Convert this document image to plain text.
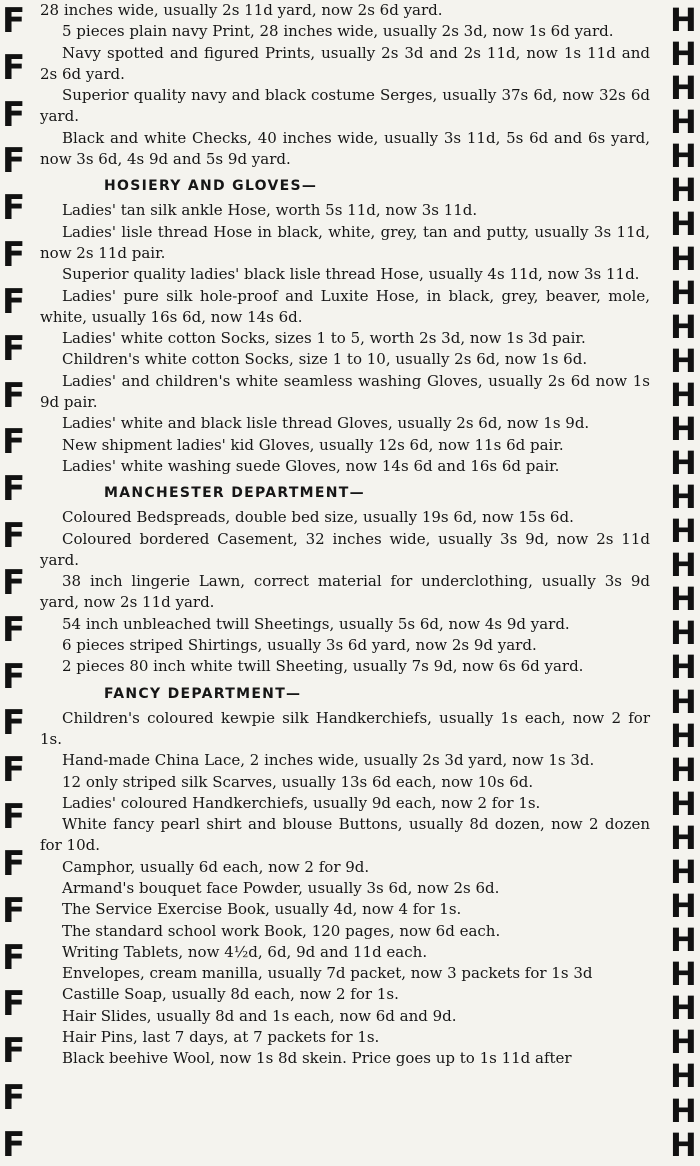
F
F
F
F
F
F
F
F
F
F
F
F
F
F
F
F
F
F
F
F
F
F
F
F
F
H
H
H
H
H
H
H
H
H
H
H
H
H
H
H
H
H
H
H
H
H
H
H
H
H
H
H
H
H
H
H
H
H
H

28 inches wide, usually 2s 11d yard, now 2s 6d yard.

5 pieces plain navy Print, 28 inches wide, usually 2s 3d, now 1s 6d yard.

Navy spotted and figured Prints, usually 2s 3d and 2s 11d, now 1s 11d and 2s 6d yard.

Superior quality navy and black costume Serges, usually 37s 6d, now 32s 6d yard.

Black and white Checks, 40 inches wide, usually 3s 11d, 5s 6d and 6s yard, now 3s 6d, 4s 9d and 5s 9d yard.

HOSIERY AND GLOVES—

Ladies' tan silk ankle Hose, worth 5s 11d, now 3s 11d.

Ladies' lisle thread Hose in black, white, grey, tan and putty, usually 3s 11d, now 2s 11d pair.

Superior quality ladies' black lisle thread Hose, usually 4s 11d, now 3s 11d.

Ladies' pure silk hole-proof and Luxite Hose, in black, grey, beaver, mole, white, usually 16s 6d, now 14s 6d.

Ladies' white cotton Socks, sizes 1 to 5, worth 2s 3d, now 1s 3d pair.

Children's white cotton Socks, size 1 to 10, usually 2s 6d, now 1s 6d.

Ladies' and children's white seamless washing Gloves, usually 2s 6d now 1s 9d pair.

Ladies' white and black lisle thread Gloves, usually 2s 6d, now 1s 9d.

New shipment ladies' kid Gloves, usually 12s 6d, now 11s 6d pair.

Ladies' white washing suede Gloves, now 14s 6d and 16s 6d pair.

MANCHESTER DEPARTMENT—

Coloured Bedspreads, double bed size, usually 19s 6d, now 15s 6d.

Coloured bordered Casement, 32 inches wide, usually 3s 9d, now 2s 11d yard.

38 inch lingerie Lawn, correct material for underclothing, usually 3s 9d yard, now 2s 11d yard.

54 inch unbleached twill Sheetings, usually 5s 6d, now 4s 9d yard.

6 pieces striped Shirtings, usually 3s 6d yard, now 2s 9d yard.

2 pieces 80 inch white twill Sheeting, usually 7s 9d, now 6s 6d yard.

FANCY DEPARTMENT—

Children's coloured kewpie silk Handkerchiefs, usually 1s each, now 2 for 1s.

Hand-made China Lace, 2 inches wide, usually 2s 3d yard, now 1s 3d.

12 only striped silk Scarves, usually 13s 6d each, now 10s 6d.

Ladies' coloured Handkerchiefs, usually 9d each, now 2 for 1s.

White fancy pearl shirt and blouse Buttons, usually 8d dozen, now 2 dozen for 10d.

Camphor, usually 6d each, now 2 for 9d.

Armand's bouquet face Powder, usually 3s 6d, now 2s 6d.

The Service Exercise Book, usually 4d, now 4 for 1s.

The standard school work Book, 120 pages, now 6d each.

Writing Tablets, now 4½d, 6d, 9d and 11d each.

Envelopes, cream manilla, usually 7d packet, now 3 packets for 1s 3d

Castille Soap, usually 8d each, now 2 for 1s.

Hair Slides, usually 8d and 1s each, now 6d and 9d.

Hair Pins, last 7 days, at 7 packets for 1s.

Black beehive Wool, now 1s 8d skein. Price goes up to 1s 11d after
